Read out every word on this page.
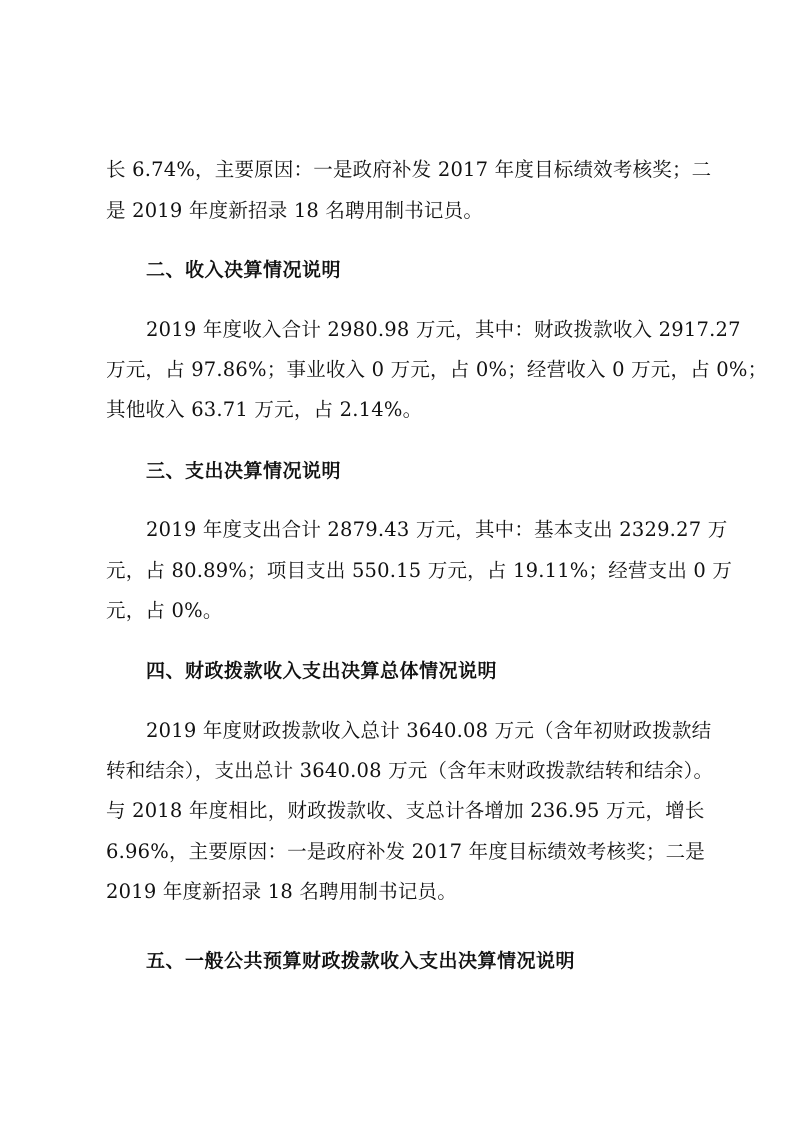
长 6.74%，主要原因：一是政府补发 2017 年度目标绩效考核奖；二
是 2019 年度新招录 18 名聘用制书记员。
二、收入决算情况说明
2019 年度收入合计 2980.98 万元，其中：财政拨款收入 2917.27
万元，占 97.86%；事业收入 0 万元，占 0%；经营收入 0 万元，占 0%；
其他收入 63.71 万元，占 2.14%。
三、支出决算情况说明
2019 年度支出合计 2879.43 万元，其中：基本支出 2329.27 万
元，占 80.89%；项目支出 550.15 万元，占 19.11%；经营支出 0 万
元，占 0%。
四、财政拨款收入支出决算总体情况说明
2019 年度财政拨款收入总计 3640.08 万元（含年初财政拨款结
转和结余），支出总计 3640.08 万元（含年末财政拨款结转和结余）。
与 2018 年度相比，财政拨款收、支总计各增加 236.95 万元，增长
6.96%，主要原因：一是政府补发 2017 年度目标绩效考核奖；二是
2019 年度新招录 18 名聘用制书记员。
五、一般公共预算财政拨款收入支出决算情况说明
